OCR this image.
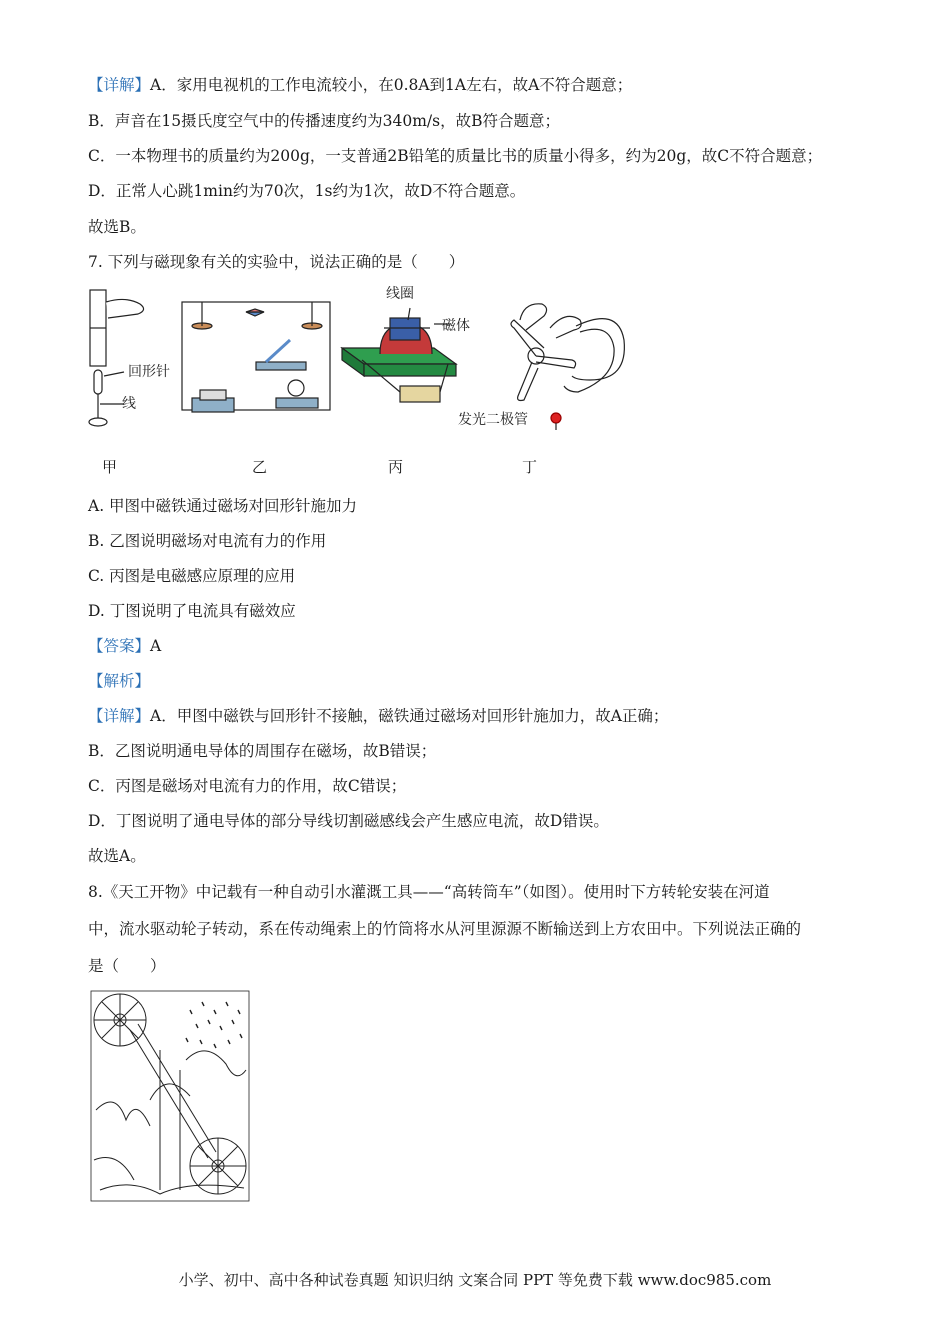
【详解】A．家用电视机的工作电流较小，在0.8A到1A左右，故A不符合题意；
B．声音在15摄氏度空气中的传播速度约为340m/s，故B符合题意；
C．一本物理书的质量约为200g，一支普通2B铅笔的质量比书的质量小得多，约为20g，故C不符合题意；
D．正常人心跳1min约为70次，1s约为1次，故D不符合题意。
故选B。
7. 下列与磁现象有关的实验中，说法正确的是（　　）
回形针
线
线圈
磁体
发光二极管
甲	乙	丙	丁
A. 甲图中磁铁通过磁场对回形针施加力
B. 乙图说明磁场对电流有力的作用
C. 丙图是电磁感应原理的应用
D. 丁图说明了电流具有磁效应
【答案】A
【解析】
【详解】A．甲图中磁铁与回形针不接触，磁铁通过磁场对回形针施加力，故A正确；
B．乙图说明通电导体的周围存在磁场，故B错误；
C．丙图是磁场对电流有力的作用，故C错误；
D．丁图说明了通电导体的部分导线切割磁感线会产生感应电流，故D错误。
故选A。
8.《天工开物》中记载有一种自动引水灌溉工具——“高转筒车”（如图）。使用时下方转轮安装在河道
中，流水驱动轮子转动，系在传动绳索上的竹筒将水从河里源源不断输送到上方农田中。下列说法正确的
是（　　）
小学、初中、高中各种试卷真题 知识归纳 文案合同 PPT 等免费下载 www.doc985.com
